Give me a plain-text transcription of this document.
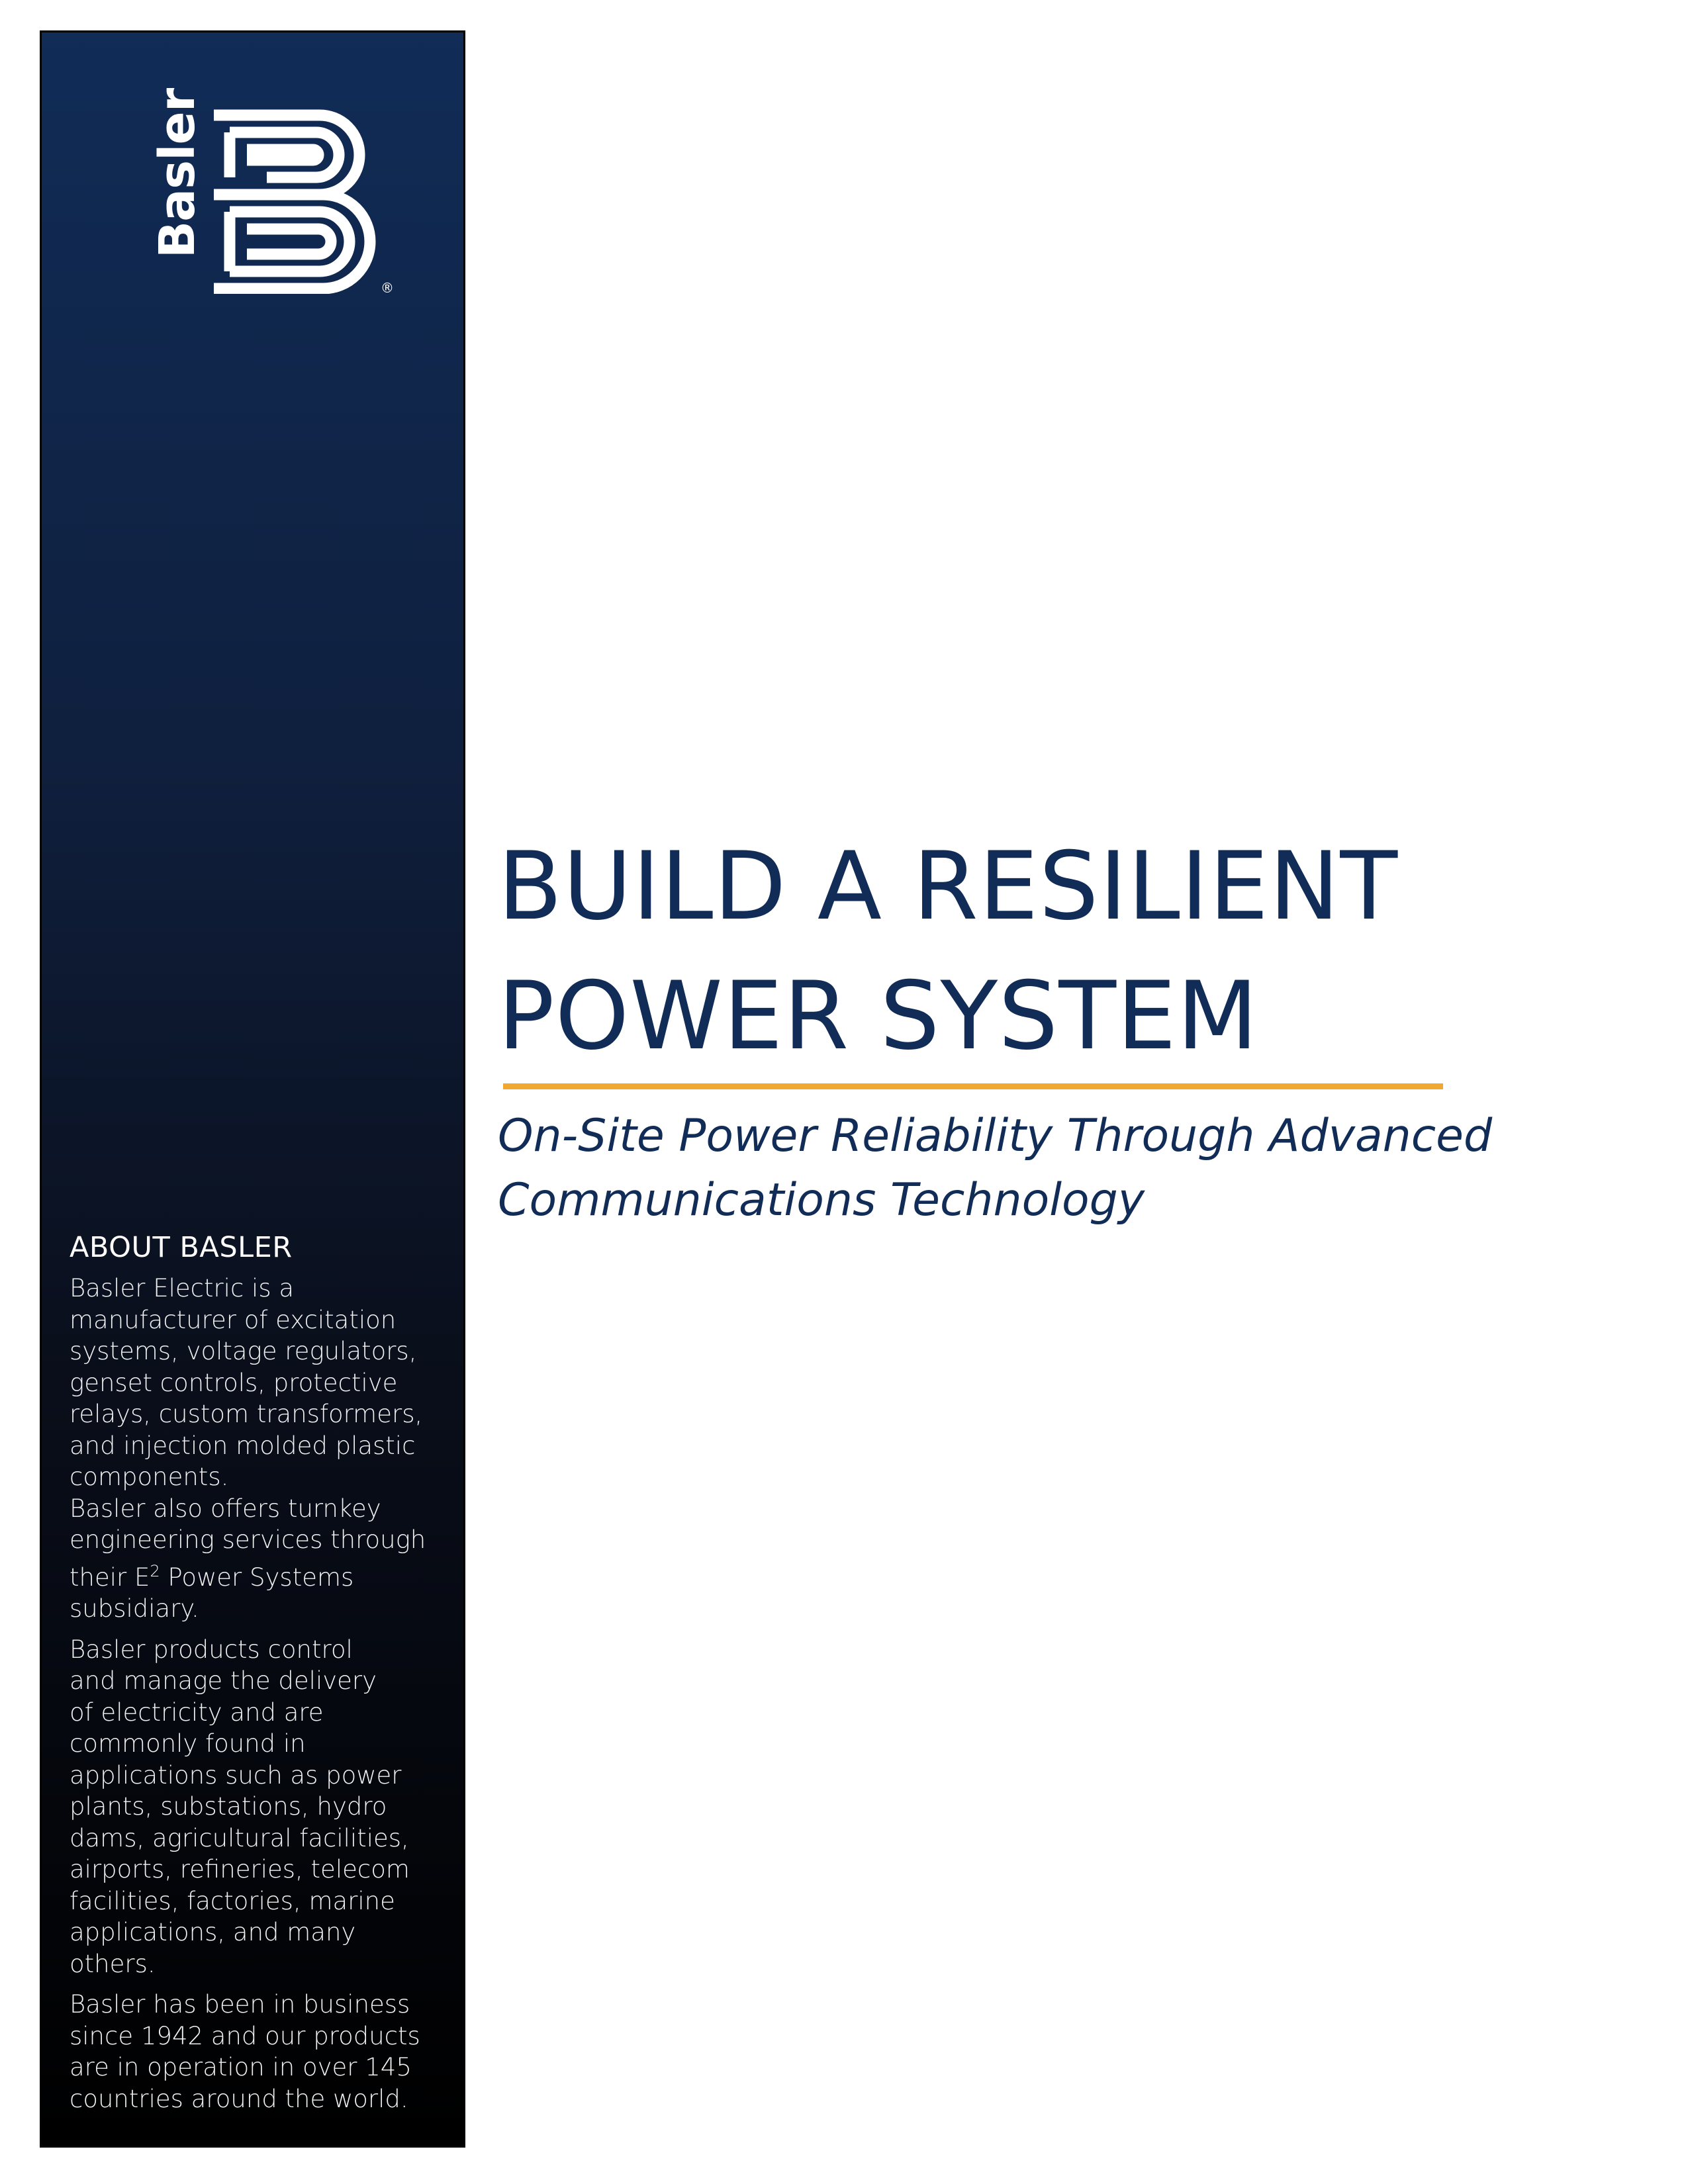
Basler
®
ABOUT BASLER
Basler Electric is a
manufacturer of excitation
systems, voltage regulators,
genset controls, protective
relays, custom transformers,
and injection molded plastic
components.
Basler also offers turnkey
engineering services through
their $E^2$ Power Systems
subsidiary.
Basler products control
and manage the delivery
of electricity and are
commonly found in
applications such as power
plants, substations, hydro
dams, agricultural facilities,
airports, refineries, telecom
facilities, factories, marine
applications, and many
others.
Basler has been in business
since 1942 and our products
are in operation in over 145
countries around the world.
BUILD A RESILIENT
POWER SYSTEM
On-Site Power Reliability Through Advanced
Communications Technology
